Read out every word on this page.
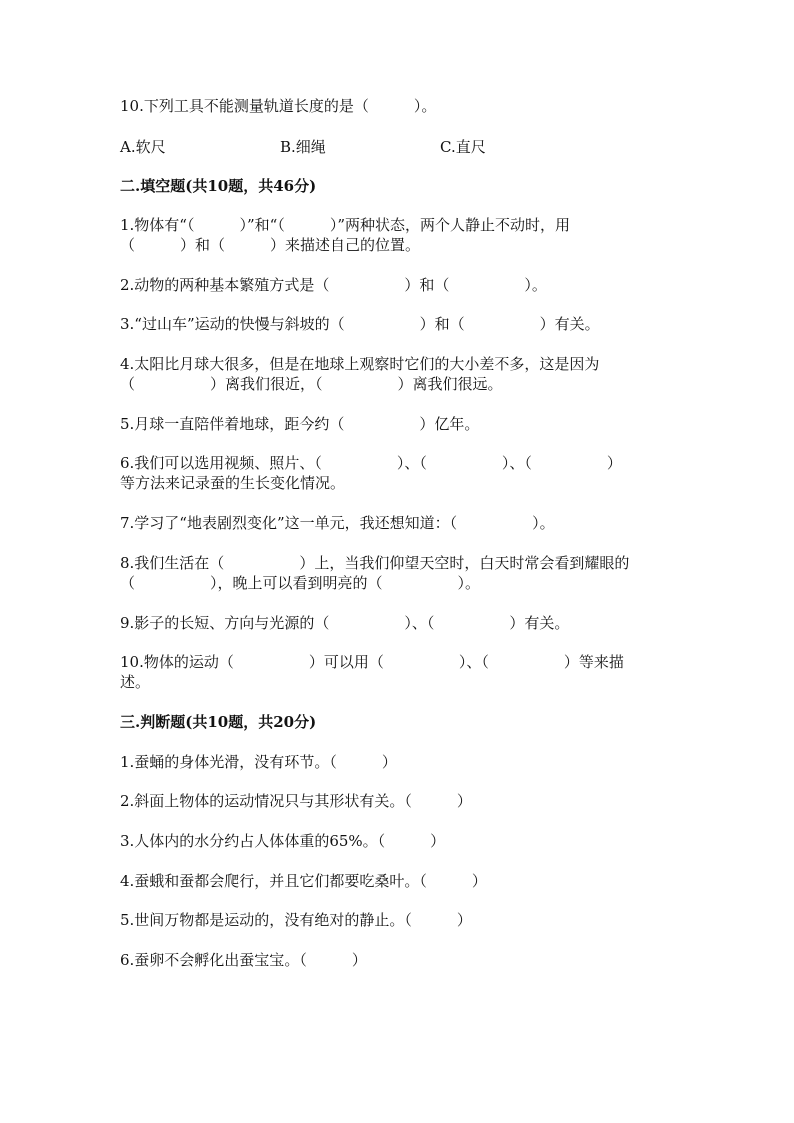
10.下列工具不能测量轨道长度的是（　　　）。

A.软尺	B.细绳	C.直尺

二.填空题(共10题，共46分)

1.物体有“（　　　）”和“（　　　）”两种状态，两个人静止不动时，用

（　　　）和（　　　）来描述自己的位置。

2.动物的两种基本繁殖方式是（　　　　　）和（　　　　　）。

3.“过山车”运动的快慢与斜坡的（　　　　　）和（　　　　　）有关。

4.太阳比月球大很多，但是在地球上观察时它们的大小差不多，这是因为

（　　　　　）离我们很近，（　　　　　）离我们很远。

5.月球一直陪伴着地球，距今约（　　　　　）亿年。

6.我们可以选用视频、照片、（　　　　　）、（　　　　　）、（　　　　　）

等方法来记录蚕的生长变化情况。

7.学习了“地表剧烈变化”这一单元，我还想知道：（　　　　　）。

8.我们生活在（　　　　　）上，当我们仰望天空时，白天时常会看到耀眼的

（　　　　　），晚上可以看到明亮的（　　　　　）。

9.影子的长短、方向与光源的（　　　　　）、（　　　　　）有关。

10.物体的运动（　　　　　）可以用（　　　　　）、（　　　　　）等来描

述。

三.判断题(共10题，共20分)

1.蚕蛹的身体光滑，没有环节。（　　　）

2.斜面上物体的运动情况只与其形状有关。（　　　）

3.人体内的水分约占人体体重的65%。（　　　）

4.蚕蛾和蚕都会爬行，并且它们都要吃桑叶。（　　　）

5.世间万物都是运动的，没有绝对的静止。（　　　）

6.蚕卵不会孵化出蚕宝宝。（　　　）
